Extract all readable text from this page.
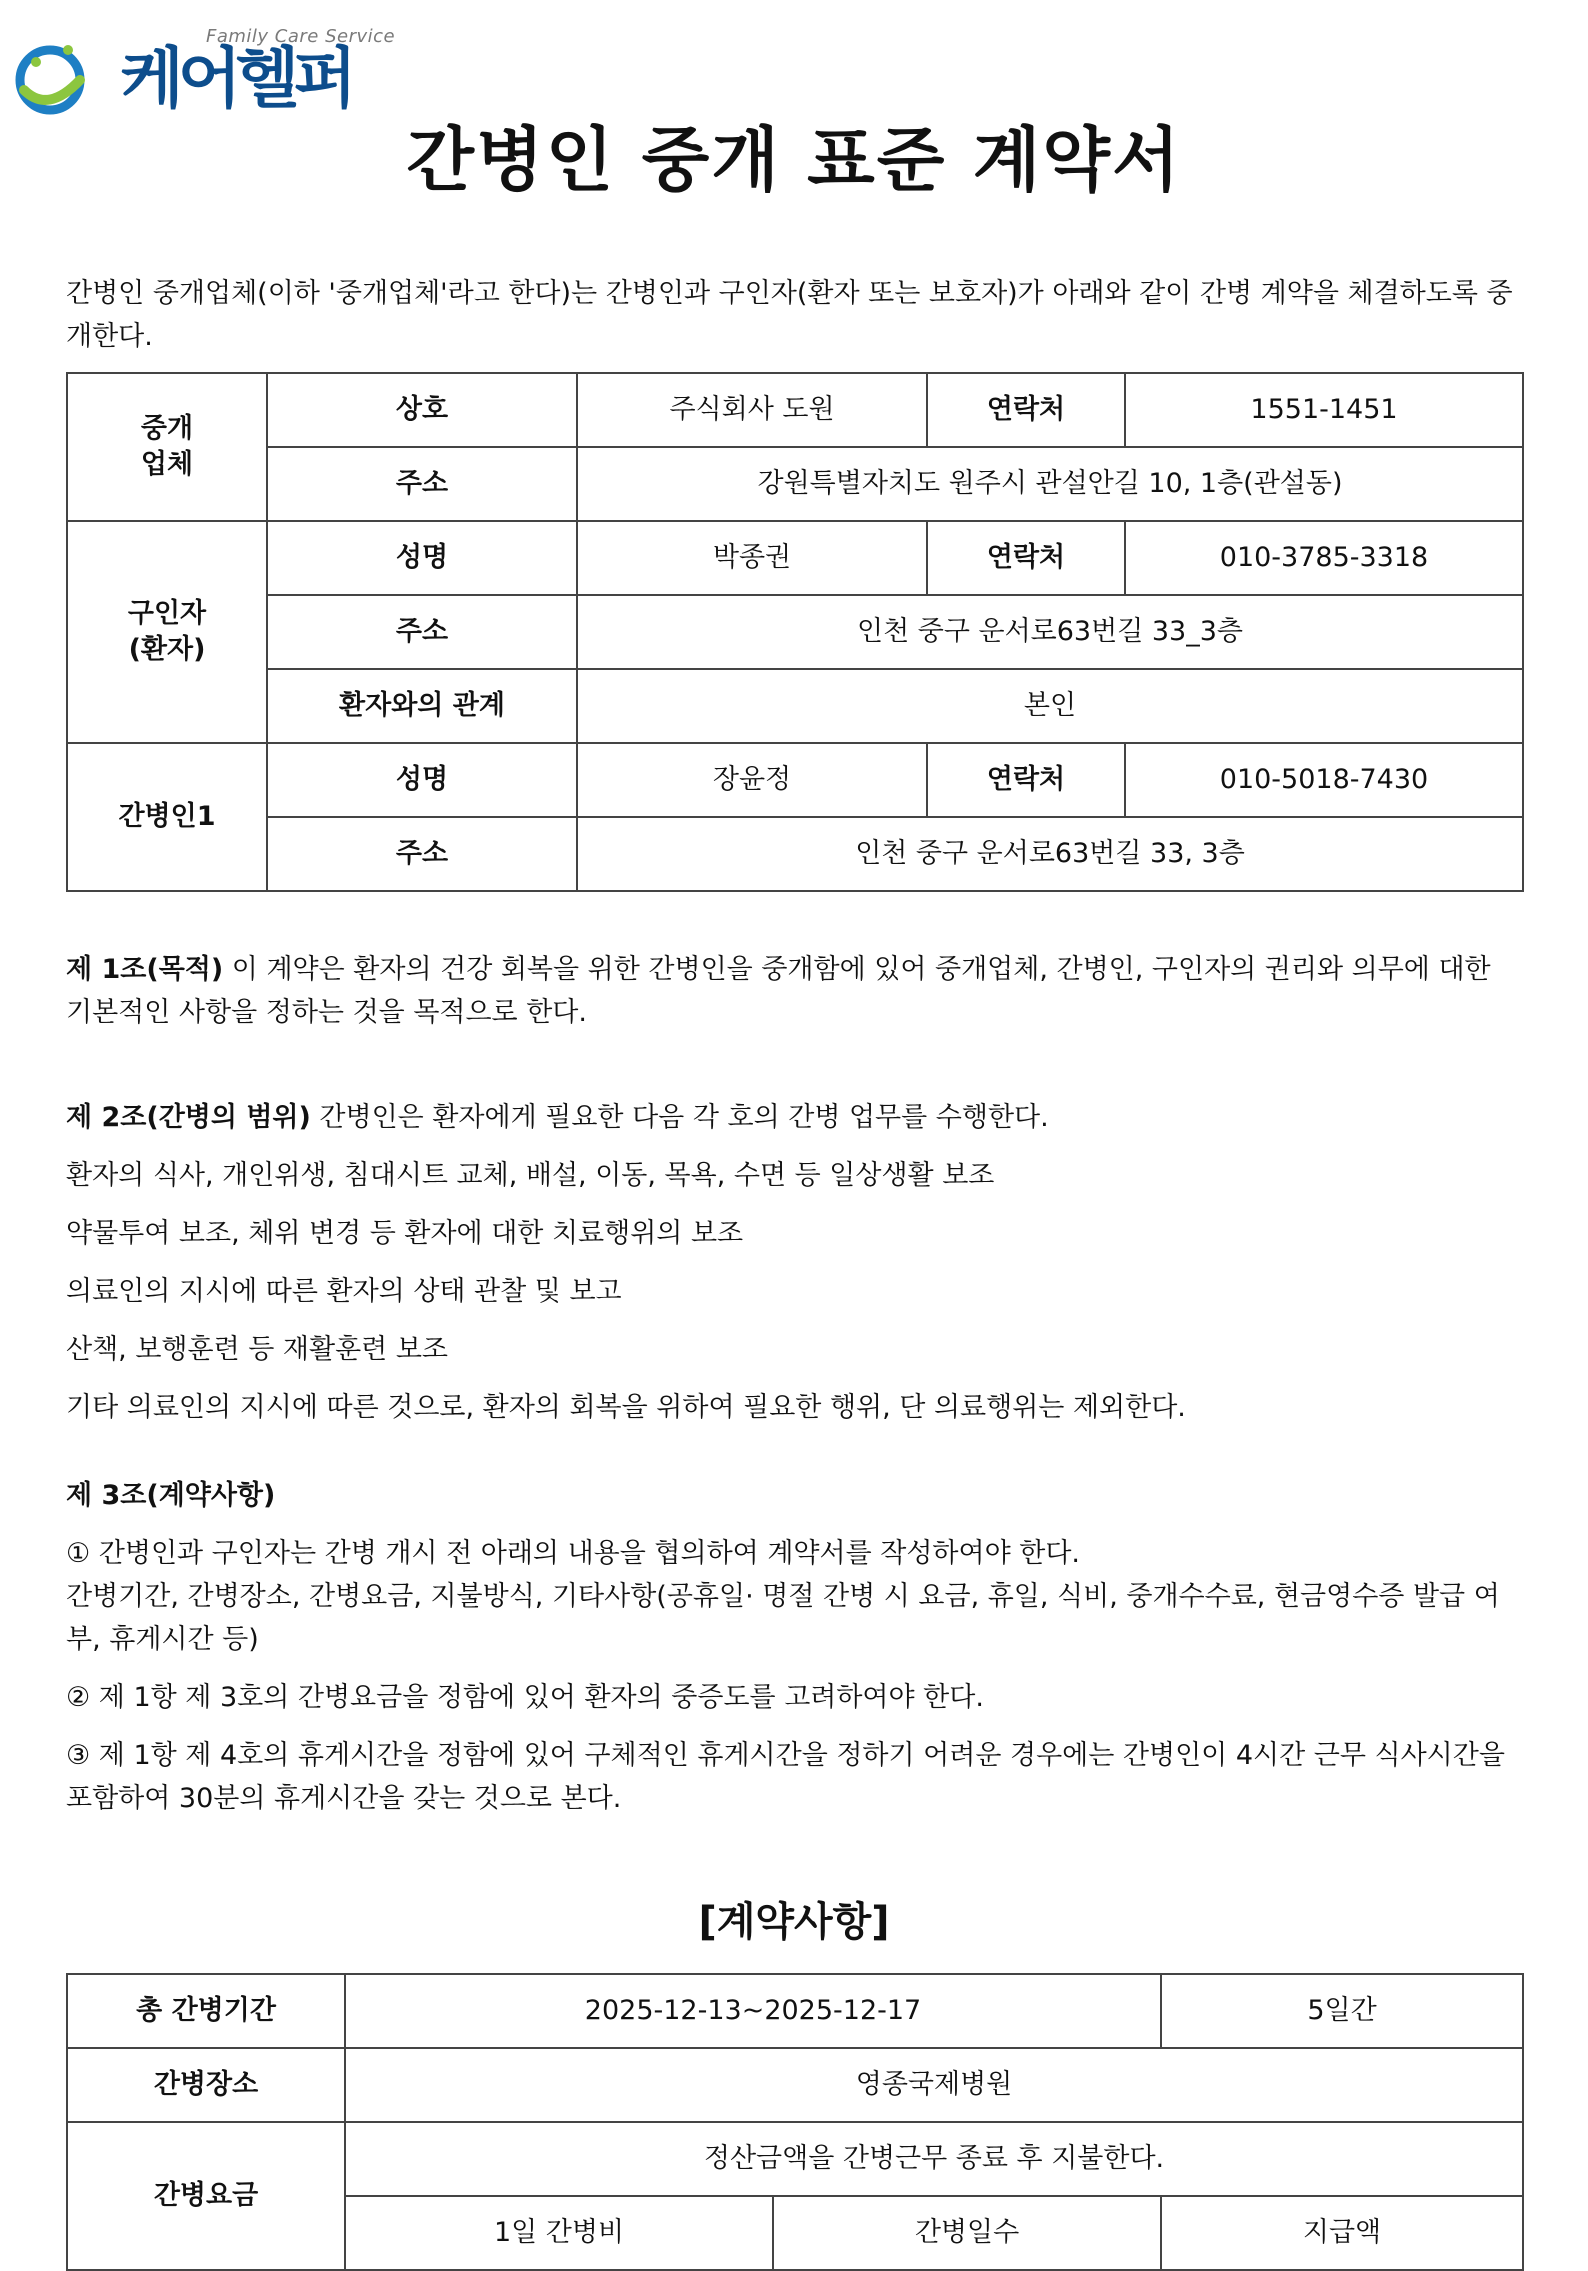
Family Care Service
케어헬퍼
간병인 중개 표준 계약서
간병인 중개업체(이하 '중개업체'라고 한다)는 간병인과 구인자(환자 또는 보호자)가 아래와 같이 간병 계약을 체결하도록 중개한다.
중개
업체	상호	주식회사 도원	연락처	1551-1451
	주소	강원특별자치도 원주시 관설안길 10, 1층(관설동)		
구인자
(환자)	성명	박종권	연락처	010-3785-3318
	주소	인천 중구 운서로63번길 33_3층		
	환자와의 관계	본인		
간병인1	성명	장윤정	연락처	010-5018-7430
	주소	인천 중구 운서로63번길 33, 3층		

제 1조(목적) 이 계약은 환자의 건강 회복을 위한 간병인을 중개함에 있어 중개업체, 간병인, 구인자의 권리와 의무에 대한 기본적인 사항을 정하는 것을 목적으로 한다.

제 2조(간병의 범위) 간병인은 환자에게 필요한 다음 각 호의 간병 업무를 수행한다.

환자의 식사, 개인위생, 침대시트 교체, 배설, 이동, 목욕, 수면 등 일상생활 보조

약물투여 보조, 체위 변경 등 환자에 대한 치료행위의 보조

의료인의 지시에 따른 환자의 상태 관찰 및 보고

산책, 보행훈련 등 재활훈련 보조

기타 의료인의 지시에 따른 것으로, 환자의 회복을 위하여 필요한 행위, 단 의료행위는 제외한다.

제 3조(계약사항)

① 간병인과 구인자는 간병 개시 전 아래의 내용을 협의하여 계약서를 작성하여야 한다.

간병기간, 간병장소, 간병요금, 지불방식, 기타사항(공휴일· 명절 간병 시 요금, 휴일, 식비, 중개수수료, 현금영수증 발급 여부, 휴게시간 등)

② 제 1항 제 3호의 간병요금을 정함에 있어 환자의 중증도를 고려하여야 한다.

③ 제 1항 제 4호의 휴게시간을 정함에 있어 구체적인 휴게시간을 정하기 어려운 경우에는 간병인이 4시간 근무 식사시간을 포함하여 30분의 휴게시간을 갖는 것으로 본다.

[계약사항]
총 간병기간	2025-12-13~2025-12-17		5일간
간병장소	영종국제병원		
간병요금	정산금액을 간병근무 종료 후 지불한다.		
	1일 간병비	간병일수	지급액
